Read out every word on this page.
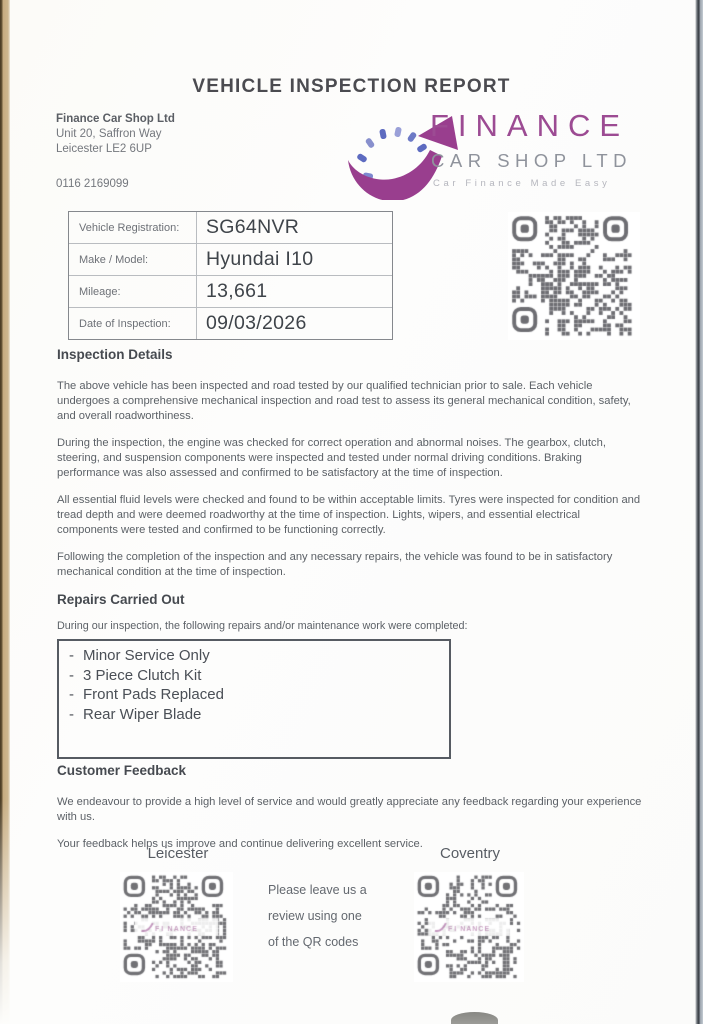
VEHICLE INSPECTION REPORT
Finance Car Shop Ltd
Unit 20, Saffron Way
Leicester LE2 6UP
0116 2169099
FINANCE
CAR SHOP LTD
Car Finance Made Easy
Vehicle Registration:	SG64NVR
Make / Model:	Hyundai I10
Mileage:	13,661
Date of Inspection:	09/03/2026
Inspection Details

The above vehicle has been inspected and road tested by our qualified technician prior to sale. Each vehicle undergoes a comprehensive mechanical inspection and road test to assess its general mechanical condition, safety, and overall roadworthiness.

During the inspection, the engine was checked for correct operation and abnormal noises. The gearbox, clutch, steering, and suspension components were inspected and tested under normal driving conditions. Braking performance was also assessed and confirmed to be satisfactory at the time of inspection.

All essential fluid levels were checked and found to be within acceptable limits. Tyres were inspected for condition and tread depth and were deemed roadworthy at the time of inspection. Lights, wipers, and essential electrical components were tested and confirmed to be functioning correctly.

Following the completion of the inspection and any necessary repairs, the vehicle was found to be in satisfactory mechanical condition at the time of inspection.

Repairs Carried Out

During our inspection, the following repairs and/or maintenance work were completed:

- Minor Service Only
- 3 Piece Clutch Kit
- Front Pads Replaced
- Rear Wiper Blade
Customer Feedback

We endeavour to provide a high level of service and would greatly appreciate any feedback regarding your experience with us.

Your feedback helps us improve and continue delivering excellent service.

Leicester	Coventry
Please leave us a
review using one
of the QR codes
